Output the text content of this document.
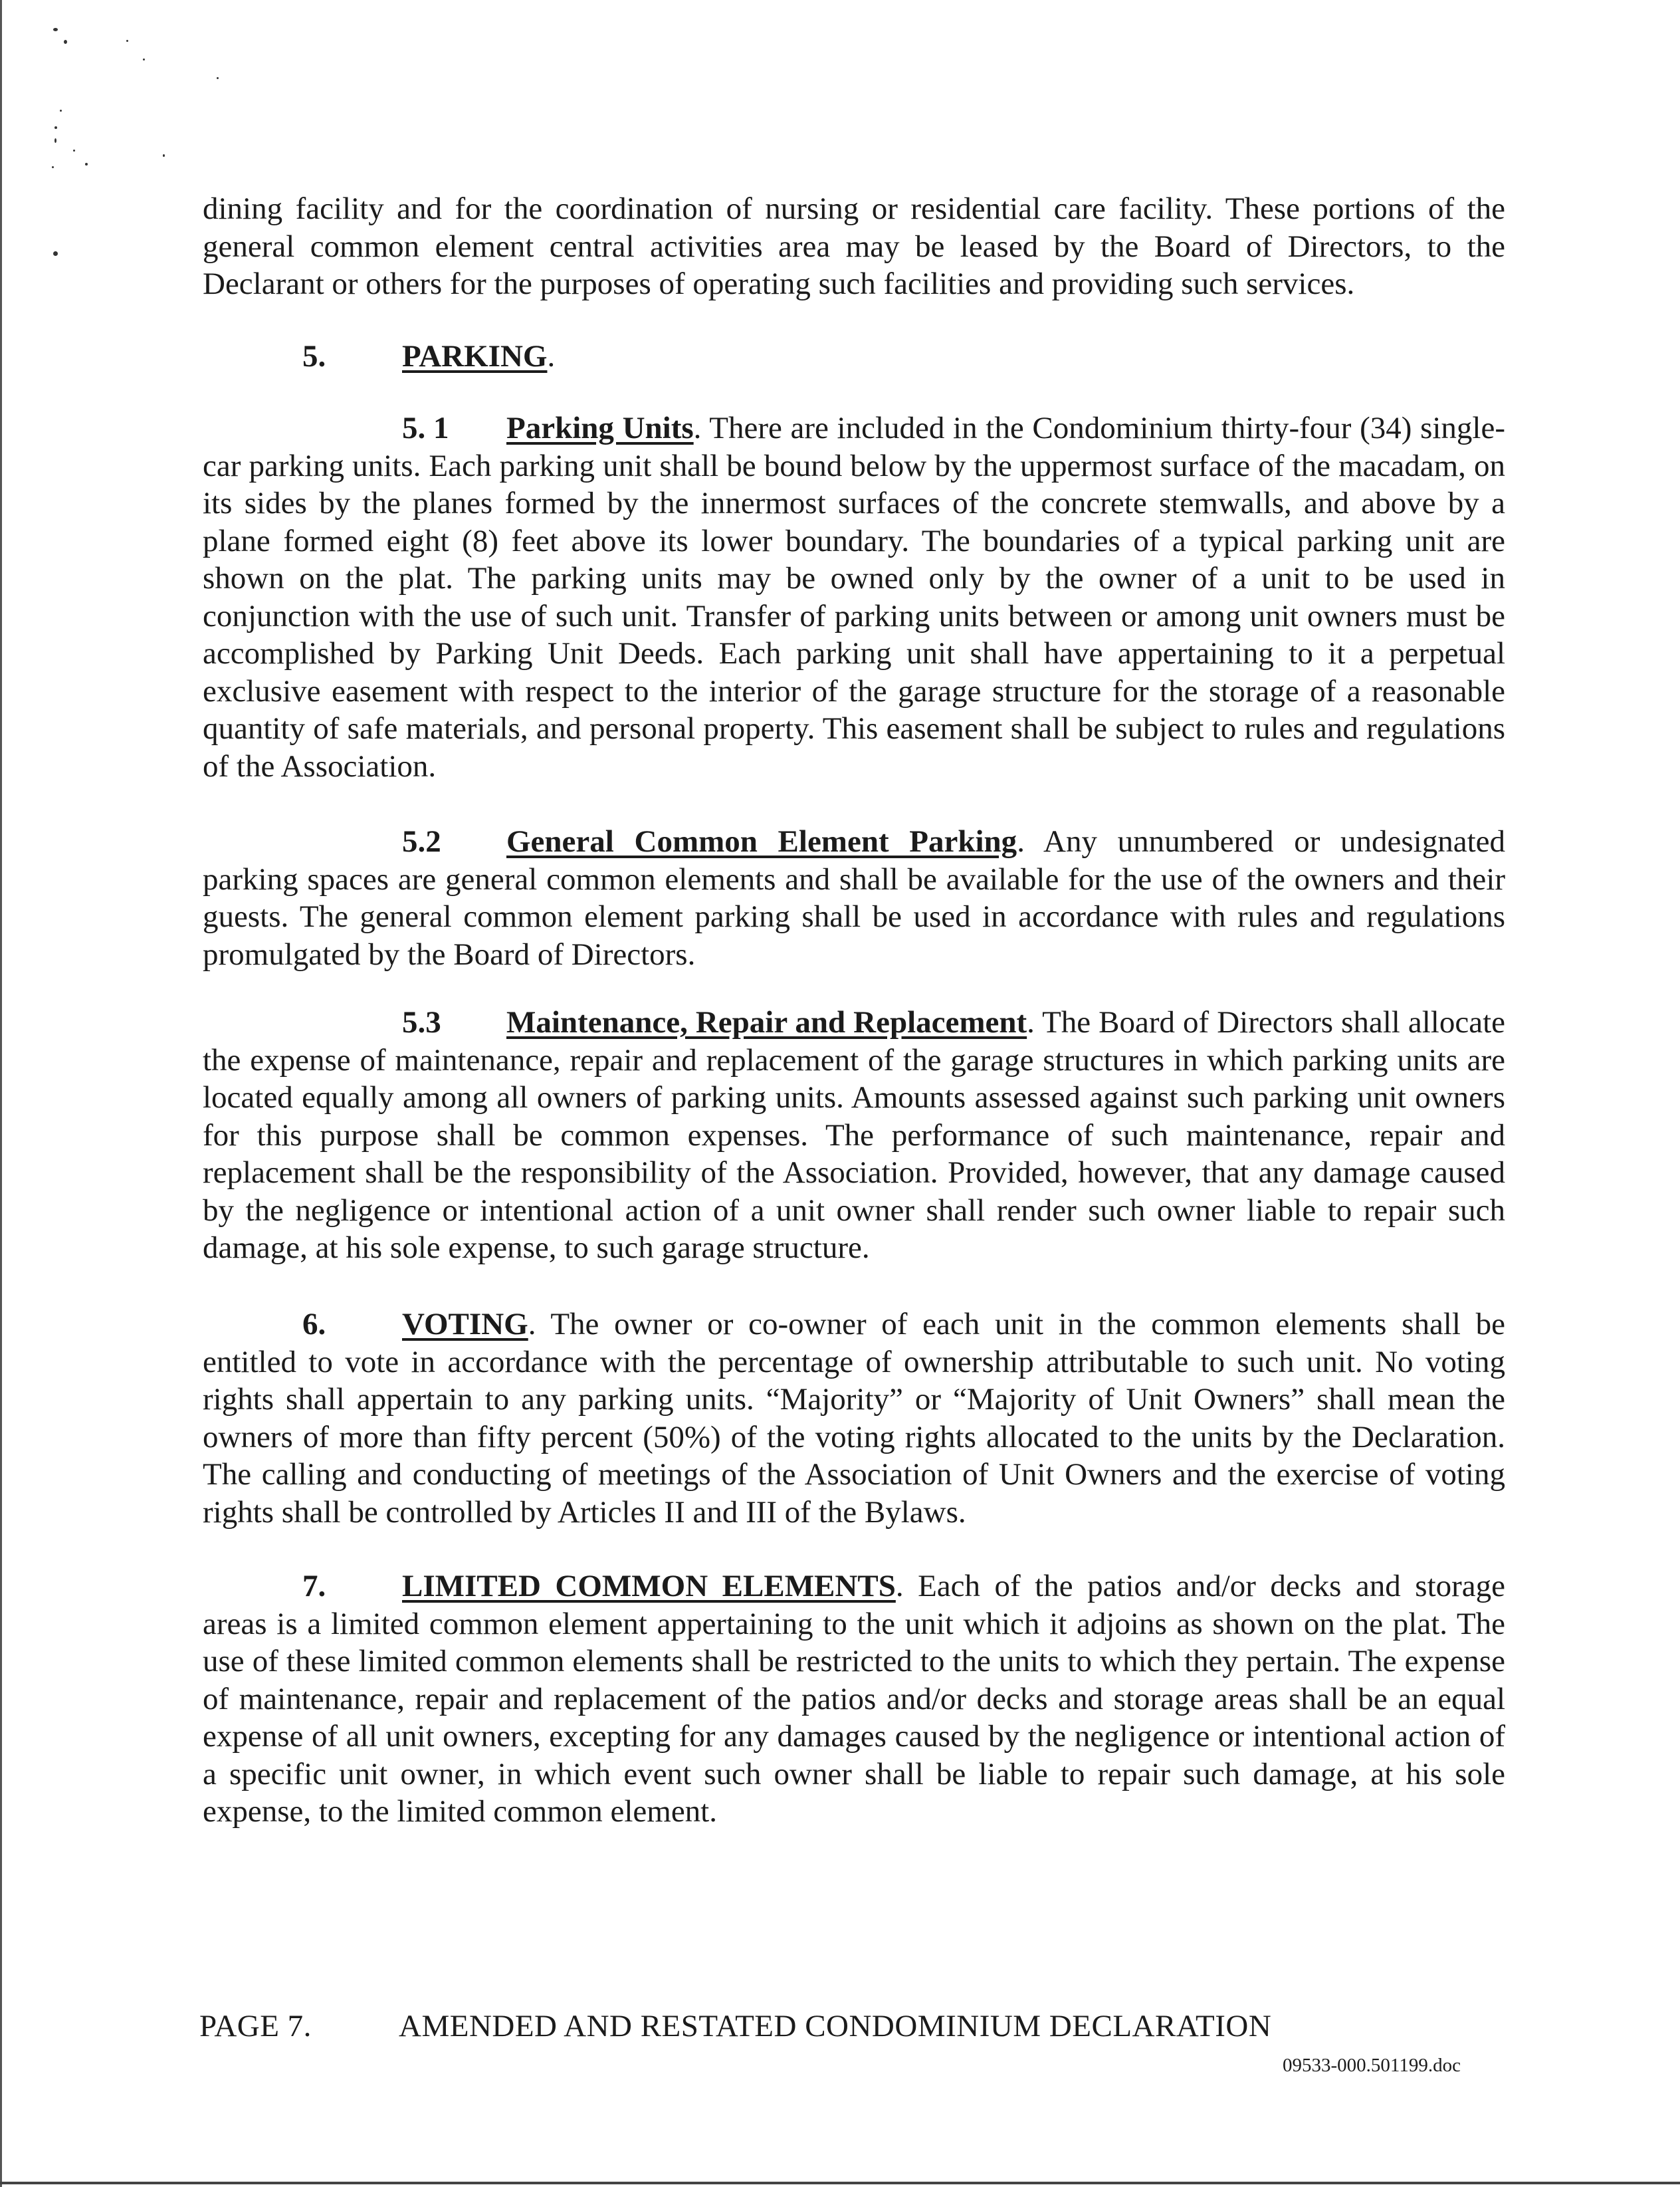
dining facility and for the coordination of nursing or residential care facility. These portions of the general common element central activities area may be leased by the Board of Directors, to the Declarant or others for the purposes of operating such facilities and providing such services.

5. PARKING.

5. 1 Parking Units. There are included in the Condominium thirty-four (34) single-car parking units. Each parking unit shall be bound below by the uppermost surface of the macadam, on its sides by the planes formed by the innermost surfaces of the concrete stemwalls, and above by a plane formed eight (8) feet above its lower boundary. The boundaries of a typical parking unit are shown on the plat. The parking units may be owned only by the owner of a unit to be used in conjunction with the use of such unit. Transfer of parking units between or among unit owners must be accomplished by Parking Unit Deeds. Each parking unit shall have appertaining to it a perpetual exclusive easement with respect to the interior of the garage structure for the storage of a reasonable quantity of safe materials, and personal property. This easement shall be subject to rules and regulations of the Association.

5.2 General Common Element Parking. Any unnumbered or undesignated parking spaces are general common elements and shall be available for the use of the owners and their guests. The general common element parking shall be used in accordance with rules and regulations promulgated by the Board of Directors.

5.3 Maintenance, Repair and Replacement. The Board of Directors shall allocate the expense of maintenance, repair and replacement of the garage structures in which parking units are located equally among all owners of parking units. Amounts assessed against such parking unit owners for this purpose shall be common expenses. The performance of such maintenance, repair and replacement shall be the responsibility of the Association. Provided, however, that any damage caused by the negligence or intentional action of a unit owner shall render such owner liable to repair such damage, at his sole expense, to such garage structure.

6. VOTING. The owner or co-owner of each unit in the common elements shall be entitled to vote in accordance with the percentage of ownership attributable to such unit. No voting rights shall appertain to any parking units. “Majority” or “Majority of Unit Owners” shall mean the owners of more than fifty percent (50%) of the voting rights allocated to the units by the Declaration. The calling and conducting of meetings of the Association of Unit Owners and the exercise of voting rights shall be controlled by Articles II and III of the Bylaws.

7. LIMITED COMMON ELEMENTS. Each of the patios and/or decks and storage areas is a limited common element appertaining to the unit which it adjoins as shown on the plat. The use of these limited common elements shall be restricted to the units to which they pertain. The expense of maintenance, repair and replacement of the patios and/or decks and storage areas shall be an equal expense of all unit owners, excepting for any damages caused by the negligence or intentional action of a specific unit owner, in which event such owner shall be liable to repair such damage, at his sole expense, to the limited common element.

PAGE 7.	AMENDED AND RESTATED CONDOMINIUM DECLARATION
09533-000.501199.doc
